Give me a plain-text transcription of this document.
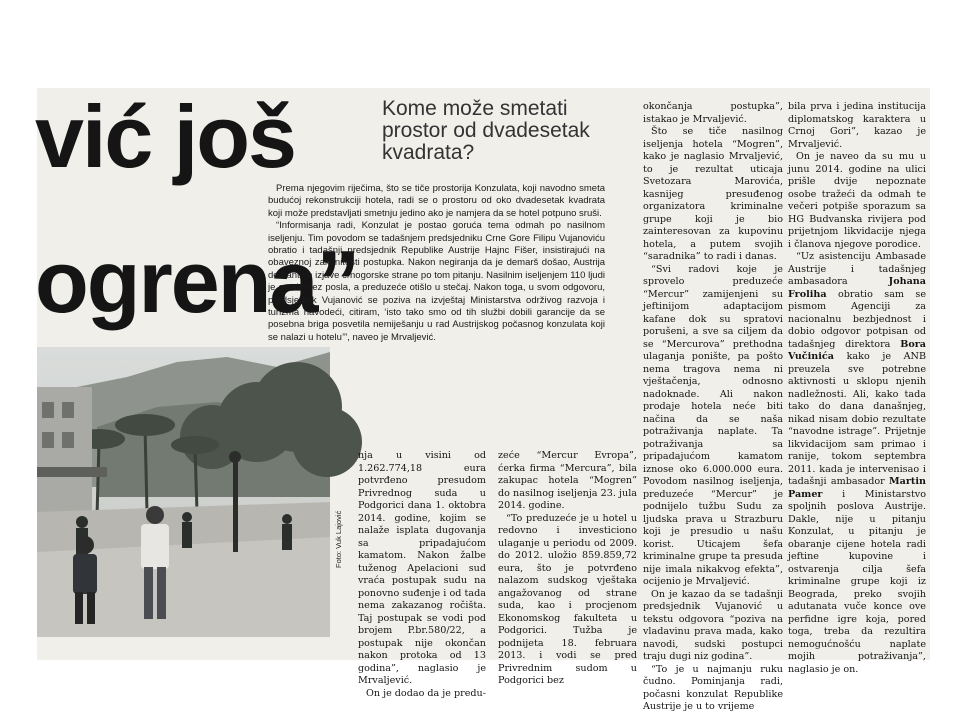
vić još
ogrena”
Kome može smetati prostor od dvadesetak kvadrata?

Prema njegovim riječima, što se tiče prostorija Konzulata, koji navodno smeta budućoj rekonstrukciji hotela, radi se o prostoru od oko dvadesetak kvadrata koji može predstavljati smetnju jedino ako je namjera da se hotel potpuno sruši.

“Informisanja radi, Konzulat je postao goruća tema odmah po nasilnom iseljenju. Tim povodom se tadašnjem predsjedniku Crne Gore Filipu Vujanoviću obratio i tadašnji predsjednik Republike Austrije Hajnc Fišer, insistirajući na obaveznoj zakonitosti postupka. Nakon negiranja da je demarš došao, Austrija demantuje izjave crnogorske strane po tom pitanju. Nasilnim iseljenjem 110 ljudi je ostalo bez posla, a preduzeće otišlo u stečaj. Nakon toga, u svom odgovoru, predsjednik Vujanović se poziva na izvještaj Ministarstva održivog razvoja i turizma navodeći, citiram, ‘isto tako smo od tih službi dobili garancije da se posebna briga posvetila nemiješanju u rad Austrijskog počasnog konzulata koji se nalazi u hotelu’”, naveo je Mrvaljević.

Foto: Vuk Lajović

nja u visini od 1.262.774,18 eura potvrđeno presudom Privrednog suda u Podgorici dana 1. oktobra 2014. godine, kojim se nalaže isplata dugovanja sa pripadajućom kamatom. Nakon žalbe tuženog Apelacioni sud vraća postupak sudu na ponovno suđenje i od tada nema zakazanog ročišta. Taj postupak se vodi pod brojem P.br.580/22, a postupak nije okončan nakon protoka od 13 godina”, naglasio je Mrvaljević.

On je dodao da je predu-

zeće “Mercur Evropa”, ćerka firma “Mercura”, bila zakupac hotela “Mogren” do nasilnog iseljenja 23. jula 2014. godine.

“To preduzeće je u hotel u redovno i investiciono ulaganje u periodu od 2009. do 2012. uložio 859.859,72 eura, što je potvrđeno nalazom sudskog vještaka angažovanog od strane suda, kao i procjenom Ekonomskog fakulteta u Podgorici. Tužba je podnijeta 18. februara 2013. i vodi se pred Privrednim sudom u Podgorici bez

okončanja postupka”, istakao je Mrvaljević.

Što se tiče nasilnog iseljenja hotela “Mogren”, kako je naglasio Mrvaljević, to je rezultat uticaja Svetozara Marovića, kasnijeg presuđenog organizatora kriminalne grupe koji je bio zainteresovan za kupovinu hotela, a putem svojih “saradnika” to radi i danas.

“Svi radovi koje je sprovelo preduzeće “Mercur” zamijenjeni su jeftinijom adaptacijom kafane dok su spratovi porušeni, a sve sa ciljem da se “Mercurova” prethodna ulaganja ponište, pa pošto nema tragova nema ni vještačenja, odnosno nadoknade. Ali nakon prodaje hotela neće biti načina da se naša potraživanja naplate. Ta potraživanja sa pripadajućom kamatom iznose oko 6.000.000 eura. Povodom nasilnog iseljenja, preduzeće “Mercur” je podnijelo tužbu Sudu za ljudska prava u Strazburu koji je presudio u našu korist. Uticajem šefa kriminalne grupe ta presuda nije imala nikakvog efekta”, ocijenio je Mrvaljević.

On je kazao da se tadašnji predsjednik Vujanović u tekstu odgovora “poziva na vladavinu prava mada, kako navodi, sudski postupci traju dugi niz godina”.

“To je u najmanju ruku čudno. Pominjanja radi, počasni konzulat Republike Austrije je u to vrijeme

bila prva i jedina institucija diplomatskog karaktera u Crnoj Gori”, kazao je Mrvaljević.

On je naveo da su mu u junu 2014. godine na ulici prišle dvije nepoznate osobe tražeći da odmah te večeri potpiše sporazum sa HG Budvanska rivijera pod prijetnjom likvidacije njega i članova njegove porodice.

“Uz asistenciju Ambasade Austrije i tadašnjeg ambasadora Johana Froliha obratio sam se pismom Agenciji za nacionalnu bezbjednost i dobio odgovor potpisan od tadašnjeg direktora Bora Vučinića kako je ANB preuzela sve potrebne aktivnosti u sklopu njenih nadležnosti. Ali, kako tada tako do dana današnjeg, nikad nisam dobio rezultate “navodne istrage”. Prijetnje likvidacijom sam primao i ranije, tokom septembra 2011. kada je intervenisao i tadašnji ambasador Martin Pamer i Ministarstvo spoljnih poslova Austrije. Dakle, nije u pitanju Konzulat, u pitanju je obaranje cijene hotela radi jeftine kupovine i ostvarenja cilja šefa kriminalne grupe koji iz Beograda, preko svojih adutanata vuče konce ove perfidne igre koja, pored toga, treba da rezultira nemogućnošću naplate mojih potraživanja”, naglasio je on.
